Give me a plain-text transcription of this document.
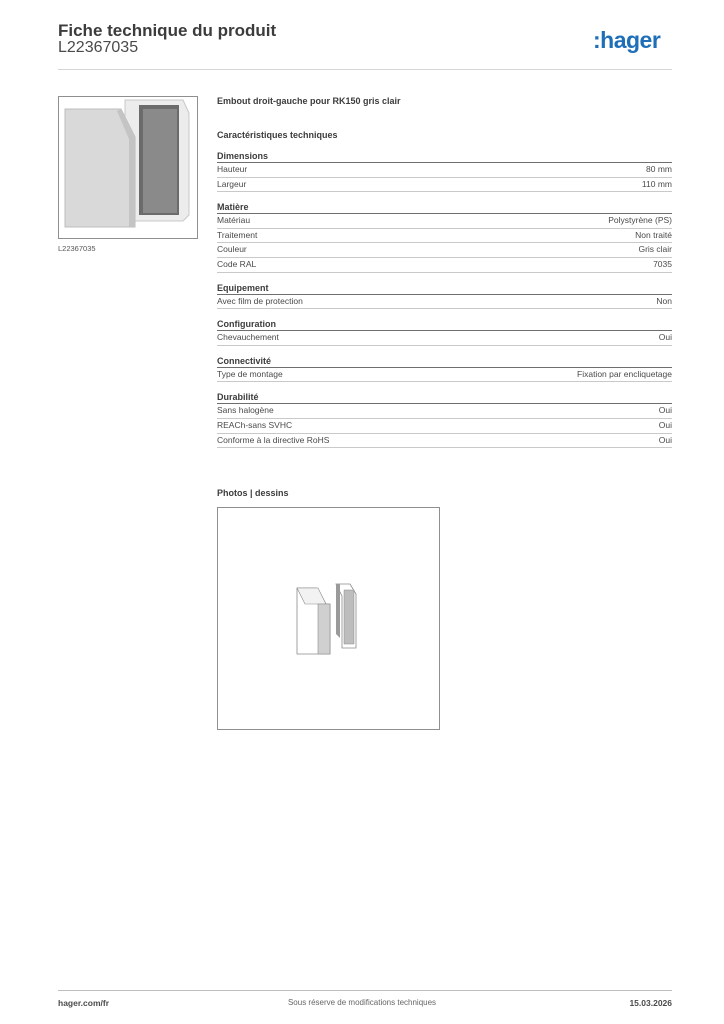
Fiche technique du produit
L22367035	:hager
L22367035
Embout droit-gauche pour RK150 gris clair
Caractéristiques techniques
Dimensions
Hauteur	80 mm
Largeur	110 mm
Matière
Matériau	Polystyrène (PS)
Traitement	Non traité
Couleur	Gris clair
Code RAL	7035
Equipement
Avec film de protection	Non
Configuration
Chevauchement	Oui
Connectivité
Type de montage	Fixation par encliquetage
Durabilité
Sans halogène	Oui
REACh-sans SVHC	Oui
Conforme à la directive RoHS	Oui
Photos | dessins
hager.com/fr	Sous réserve de modifications techniques	15.03.2026
